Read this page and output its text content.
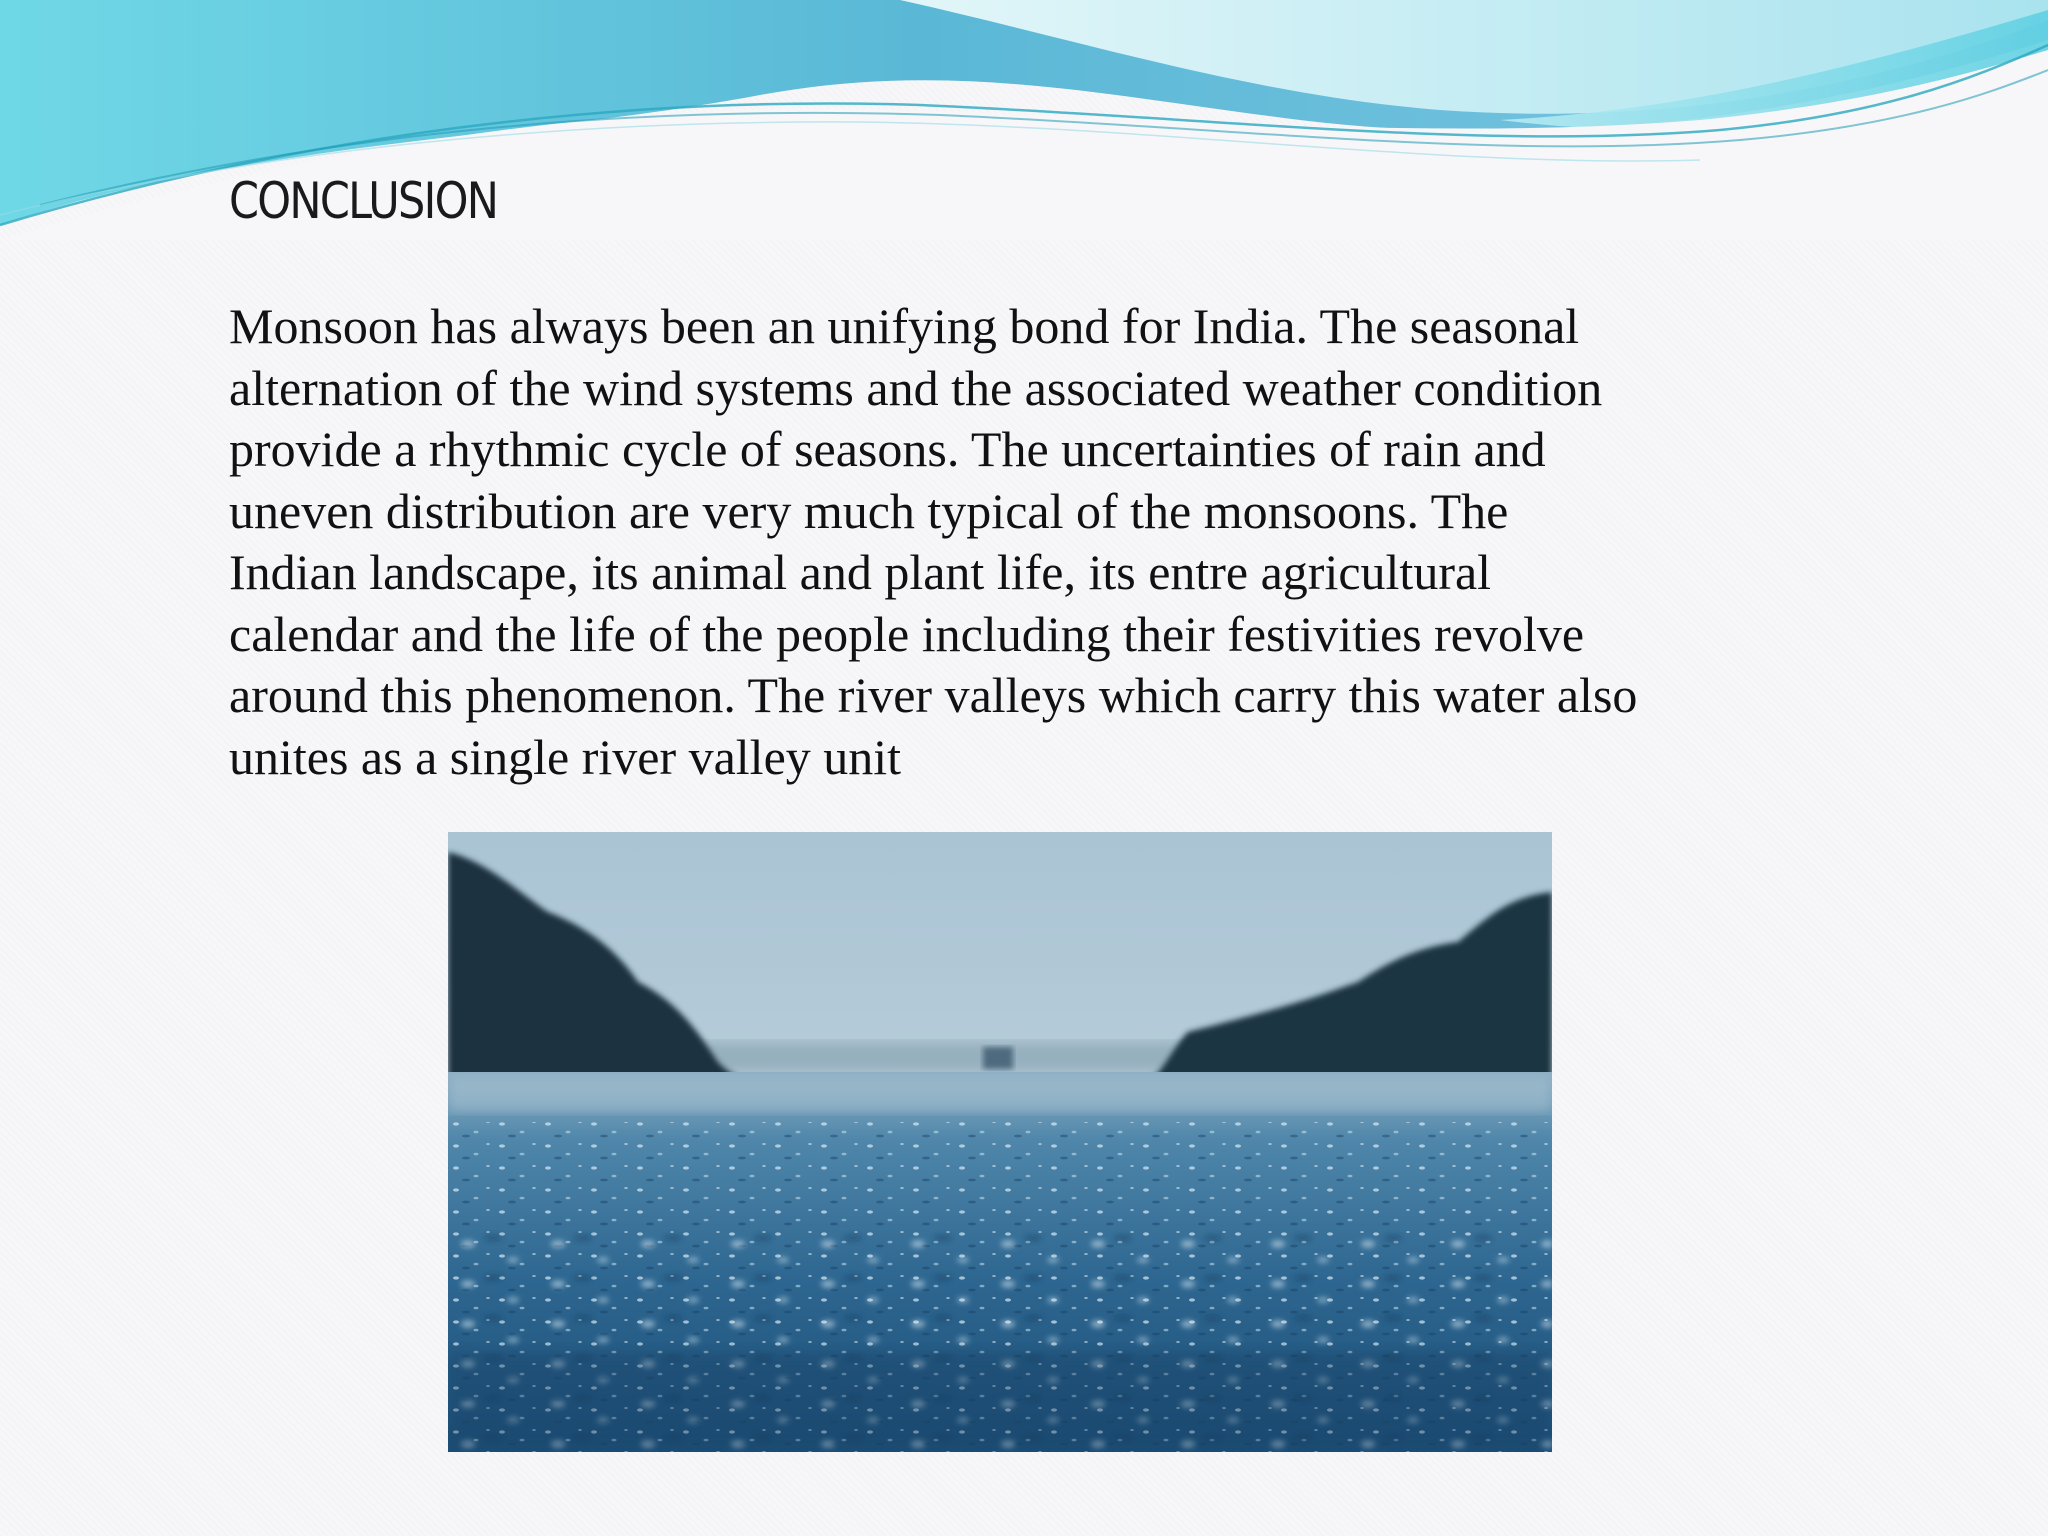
CONCLUSION

Monsoon has always been an unifying bond for India. The seasonal
alternation of the wind systems and the associated weather condition
provide a rhythmic cycle of seasons. The uncertainties of rain and
uneven distribution are very much typical of the monsoons. The
Indian landscape, its animal and plant life, its entre agricultural
calendar and the life of the people including their festivities revolve
around this phenomenon. The river valleys which carry this water also
unites as a single river valley unit
